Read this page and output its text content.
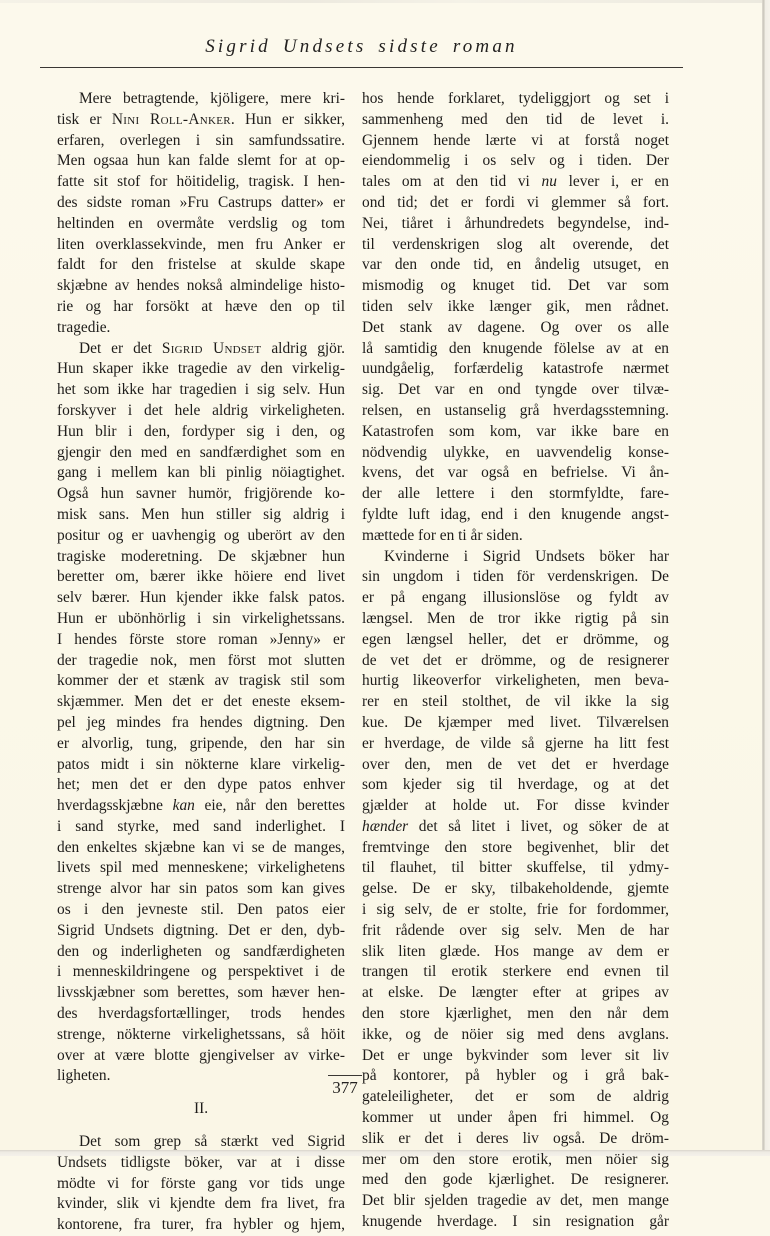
Sigrid Undsets sidste roman
Mere betragtende, kjöligere, mere kri-
tisk er Nini Roll-Anker. Hun er sikker,
erfaren, overlegen i sin samfundssatire.
Men ogsaa hun kan falde slemt for at op-
fatte sit stof for höitidelig, tragisk. I hen-
des sidste roman »Fru Castrups datter» er
heltinden en overmåte verdslig og tom
liten overklassekvinde, men fru Anker er
faldt for den fristelse at skulde skape
skjæbne av hendes nokså almindelige histo-
rie og har forsökt at hæve den op til
tragedie.
Det er det Sigrid Undset aldrig gjör.
Hun skaper ikke tragedie av den virkelig-
het som ikke har tragedien i sig selv. Hun
forskyver i det hele aldrig virkeligheten.
Hun blir i den, fordyper sig i den, og
gjengir den med en sandfærdighet som en
gang i mellem kan bli pinlig nöiagtighet.
Også hun savner humör, frigjörende ko-
misk sans. Men hun stiller sig aldrig i
positur og er uavhengig og uberört av den
tragiske moderetning. De skjæbner hun
beretter om, bærer ikke höiere end livet
selv bærer. Hun kjender ikke falsk patos.
Hun er ubönhörlig i sin virkelighetssans.
I hendes förste store roman »Jenny» er
der tragedie nok, men först mot slutten
kommer der et stænk av tragisk stil som
skjæmmer. Men det er det eneste eksem-
pel jeg mindes fra hendes digtning. Den
er alvorlig, tung, gripende, den har sin
patos midt i sin nökterne klare virkelig-
het; men det er den dype patos enhver
hverdagsskjæbne kan eie, når den berettes
i sand styrke, med sand inderlighet. I
den enkeltes skjæbne kan vi se de manges,
livets spil med menneskene; virkelighetens
strenge alvor har sin patos som kan gives
os i den jevneste stil. Den patos eier
Sigrid Undsets digtning. Det er den, dyb-
den og inderligheten og sandfærdigheten
i menneskildringene og perspektivet i de
livsskjæbner som berettes, som hæver hen-
des hverdagsfortællinger, trods hendes
strenge, nökterne virkelighetssans, så höit
over at være blotte gjengivelser av virke-
ligheten.
II.
Det som grep så stærkt ved Sigrid
Undsets tidligste böker, var at i disse
mödte vi for förste gang vor tids unge
kvinder, slik vi kjendte dem fra livet, fra
kontorene, fra turer, fra hybler og hjem,
hos hende forklaret, tydeliggjort og set i
sammenheng med den tid de levet i.
Gjennem hende lærte vi at forstå noget
eiendommelig i os selv og i tiden. Der
tales om at den tid vi nu lever i, er en
ond tid; det er fordi vi glemmer så fort.
Nei, tiåret i århundredets begyndelse, ind-
til verdenskrigen slog alt overende, det
var den onde tid, en åndelig utsuget, en
mismodig og knuget tid. Det var som
tiden selv ikke længer gik, men rådnet.
Det stank av dagene. Og over os alle
lå samtidig den knugende fölelse av at en
uundgåelig, forfærdelig katastrofe nærmet
sig. Det var en ond tyngde over tilvæ-
relsen, en ustanselig grå hverdagsstemning.
Katastrofen som kom, var ikke bare en
nödvendig ulykke, en uavvendelig konse-
kvens, det var også en befrielse. Vi ån-
der alle lettere i den stormfyldte, fare-
fyldte luft idag, end i den knugende angst-
mættede for en ti år siden.
Kvinderne i Sigrid Undsets böker har
sin ungdom i tiden för verdenskrigen. De
er på engang illusionslöse og fyldt av
længsel. Men de tror ikke rigtig på sin
egen længsel heller, det er drömme, og
de vet det er drömme, og de resignerer
hurtig likeoverfor virkeligheten, men beva-
rer en steil stolthet, de vil ikke la sig
kue. De kjæmper med livet. Tilværelsen
er hverdage, de vilde så gjerne ha litt fest
over den, men de vet det er hverdage
som kjeder sig til hverdage, og at det
gjælder at holde ut. For disse kvinder
hænder det så litet i livet, og söker de at
fremtvinge den store begivenhet, blir det
til flauhet, til bitter skuffelse, til ydmy-
gelse. De er sky, tilbakeholdende, gjemte
i sig selv, de er stolte, frie for fordommer,
frit rådende over sig selv. Men de har
slik liten glæde. Hos mange av dem er
trangen til erotik sterkere end evnen til
at elske. De længter efter at gripes av
den store kjærlighet, men den når dem
ikke, og de nöier sig med dens avglans.
Det er unge bykvinder som lever sit liv
på kontorer, på hybler og i grå bak-
gateleiligheter, det er som de aldrig
kommer ut under åpen fri himmel. Og
slik er det i deres liv også. De dröm-
mer om den store erotik, men nöier sig
med den gode kjærlighet. De resignerer.
Det blir sjelden tragedie av det, men mange
knugende hverdage. I sin resignation går
377
